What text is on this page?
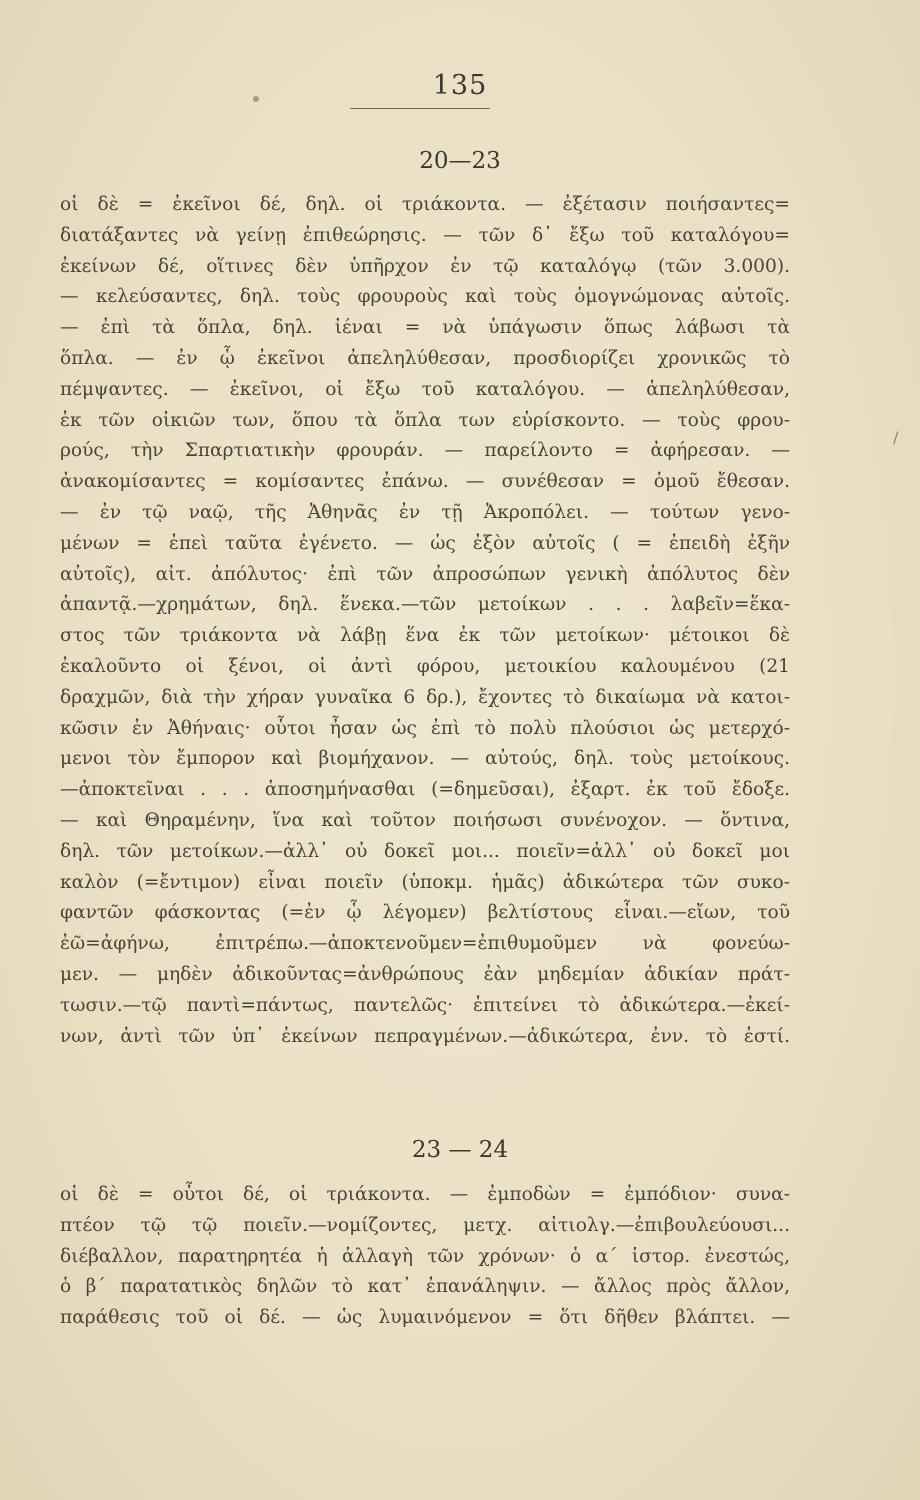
135
20—23
οἱ δὲ = ἐκεῖνοι δέ, δηλ. οἱ τριάκοντα. — ἐξέτασιν ποιήσαντες=
διατάξαντες νὰ γείνῃ ἐπιθεώρησις. — τῶν δ᾽ ἔξω τοῦ καταλόγου=
ἐκείνων δέ, οἵτινες δὲν ὑπῆρχον ἐν τῷ καταλόγῳ (τῶν 3.000).
— κελεύσαντες, δηλ. τοὺς φρουροὺς καὶ τοὺς ὁμογνώμονας αὐτοῖς.
— ἐπὶ τὰ ὅπλα, δηλ. ἰέναι = νὰ ὑπάγωσιν ὅπως λάβωσι τὰ
ὅπλα. — ἐν ᾧ ἐκεῖνοι ἀπεληλύθεσαν, προσδιορίζει χρονικῶς τὸ
πέμψαντες. — ἐκεῖνοι, οἱ ἔξω τοῦ καταλόγου. — ἀπεληλύθεσαν,
ἐκ τῶν οἰκιῶν των, ὅπου τὰ ὅπλα των εὑρίσκοντο. — τοὺς φρου-
ρούς, τὴν Σπαρτιατικὴν φρουράν. — παρείλοντο = ἀφήρεσαν. —
ἀνακομίσαντες = κομίσαντες ἐπάνω. — συνέθεσαν = ὁμοῦ ἔθεσαν.
— ἐν τῷ ναῷ, τῆς Ἀθηνᾶς ἐν τῇ Ἀκροπόλει. — τούτων γενο-
μένων = ἐπεὶ ταῦτα ἐγένετο. — ὡς ἐξὸν αὐτοῖς ( = ἐπειδὴ ἐξῆν
αὐτοῖς), αἰτ. ἀπόλυτος· ἐπὶ τῶν ἀπροσώπων γενικὴ ἀπόλυτος δὲν
ἀπαντᾷ.—χρημάτων, δηλ. ἕνεκα.—τῶν μετοίκων . . . λαβεῖν=ἕκα-
στος τῶν τριάκοντα νὰ λάβῃ ἕνα ἐκ τῶν μετοίκων· μέτοικοι δὲ
ἐκαλοῦντο οἱ ξένοι, οἱ ἀντὶ φόρου, μετοικίου καλουμένου (21
δραχμῶν, διὰ τὴν χήραν γυναῖκα 6 δρ.), ἔχοντες τὸ δικαίωμα νὰ κατοι-
κῶσιν ἐν Ἀθήναις· οὗτοι ἦσαν ὡς ἐπὶ τὸ πολὺ πλούσιοι ὡς μετερχό-
μενοι τὸν ἔμπορον καὶ βιομήχανον. — αὐτούς, δηλ. τοὺς μετοίκους.
—ἀποκτεῖναι . . . ἀποσημήνασθαι (=δημεῦσαι), ἐξαρτ. ἐκ τοῦ ἔδοξε.
— καὶ Θηραμένην, ἵνα καὶ τοῦτον ποιήσωσι συνένοχον. — ὅντινα,
δηλ. τῶν μετοίκων.—ἀλλ᾽ οὐ δοκεῖ μοι... ποιεῖν=ἀλλ᾽ οὐ δοκεῖ μοι
καλὸν (=ἔντιμον) εἶναι ποιεῖν (ὑποκμ. ἡμᾶς) ἀδικώτερα τῶν συκο-
φαντῶν φάσκοντας (=ἐν ᾧ λέγομεν) βελτίστους εἶναι.—εἴων, τοῦ
ἐῶ=ἀφήνω, ἐπιτρέπω.—ἀποκτενοῦμεν=ἐπιθυμοῦμεν νὰ φονεύω-
μεν. — μηδὲν ἀδικοῦντας=ἀνθρώπους ἐὰν μηδεμίαν ἀδικίαν πράτ-
τωσιν.—τῷ παντὶ=πάντως, παντελῶς· ἐπιτείνει τὸ ἀδικώτερα.—ἐκεί-
νων, ἀντὶ τῶν ὑπ᾽ ἐκείνων πεπραγμένων.—ἀδικώτερα, ἐνν. τὸ ἐστί.
23 — 24
οἱ δὲ = οὗτοι δέ, οἱ τριάκοντα. — ἐμποδὼν = ἐμπόδιον· συνα-
πτέον τῷ τῷ ποιεῖν.—νομίζοντες, μετχ. αἰτιολγ.—ἐπιβουλεύουσι...
διέβαλλον, παρατηρητέα ἡ ἀλλαγὴ τῶν χρόνων· ὁ α´ ἱστορ. ἐνεστώς,
ὁ β´ παρατατικὸς δηλῶν τὸ κατ᾽ ἐπανάληψιν. — ἄλλος πρὸς ἄλλον,
παράθεσις τοῦ οἱ δέ. — ὡς λυμαινόμενον = ὅτι δῆθεν βλάπτει. —
/
